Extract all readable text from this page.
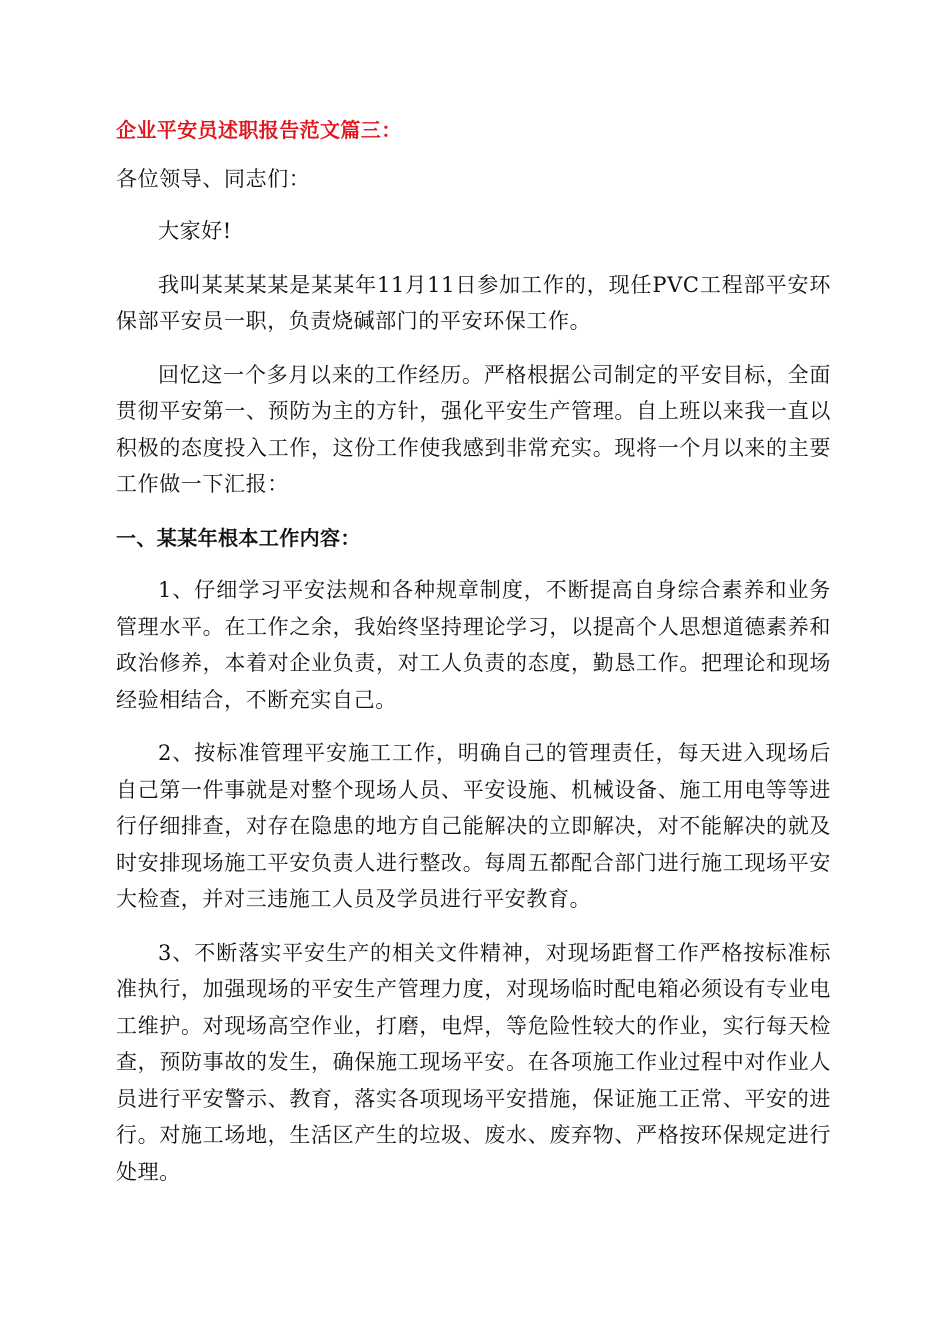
企业平安员述职报告范文篇三：
各位领导、同志们：
大家好!
我叫某某某某是某某年11月11日参加工作的，现任PVC工程部平安环保部平安员一职，负责烧碱部门的平安环保工作。
回忆这一个多月以来的工作经历。严格根据公司制定的平安目标，全面贯彻平安第一、预防为主的方针，强化平安生产管理。自上班以来我一直以积极的态度投入工作，这份工作使我感到非常充实。现将一个月以来的主要工作做一下汇报：
一、某某年根本工作内容：
1、仔细学习平安法规和各种规章制度，不断提高自身综合素养和业务管理水平。在工作之余，我始终坚持理论学习，以提高个人思想道德素养和政治修养，本着对企业负责，对工人负责的态度，勤恳工作。把理论和现场经验相结合，不断充实自己。
2、按标准管理平安施工工作，明确自己的管理责任，每天进入现场后自己第一件事就是对整个现场人员、平安设施、机械设备、施工用电等等进行仔细排查，对存在隐患的地方自己能解决的立即解决，对不能解决的就及时安排现场施工平安负责人进行整改。每周五都配合部门进行施工现场平安大检查，并对三违施工人员及学员进行平安教育。
3、不断落实平安生产的相关文件精神，对现场距督工作严格按标准标准执行，加强现场的平安生产管理力度，对现场临时配电箱必须设有专业电工维护。对现场高空作业，打磨，电焊，等危险性较大的作业，实行每天检查，预防事故的发生，确保施工现场平安。在各项施工作业过程中对作业人员进行平安警示、教育，落实各项现场平安措施，保证施工正常、平安的进行。对施工场地，生活区产生的垃圾、废水、废弃物、严格按环保规定进行处理。
